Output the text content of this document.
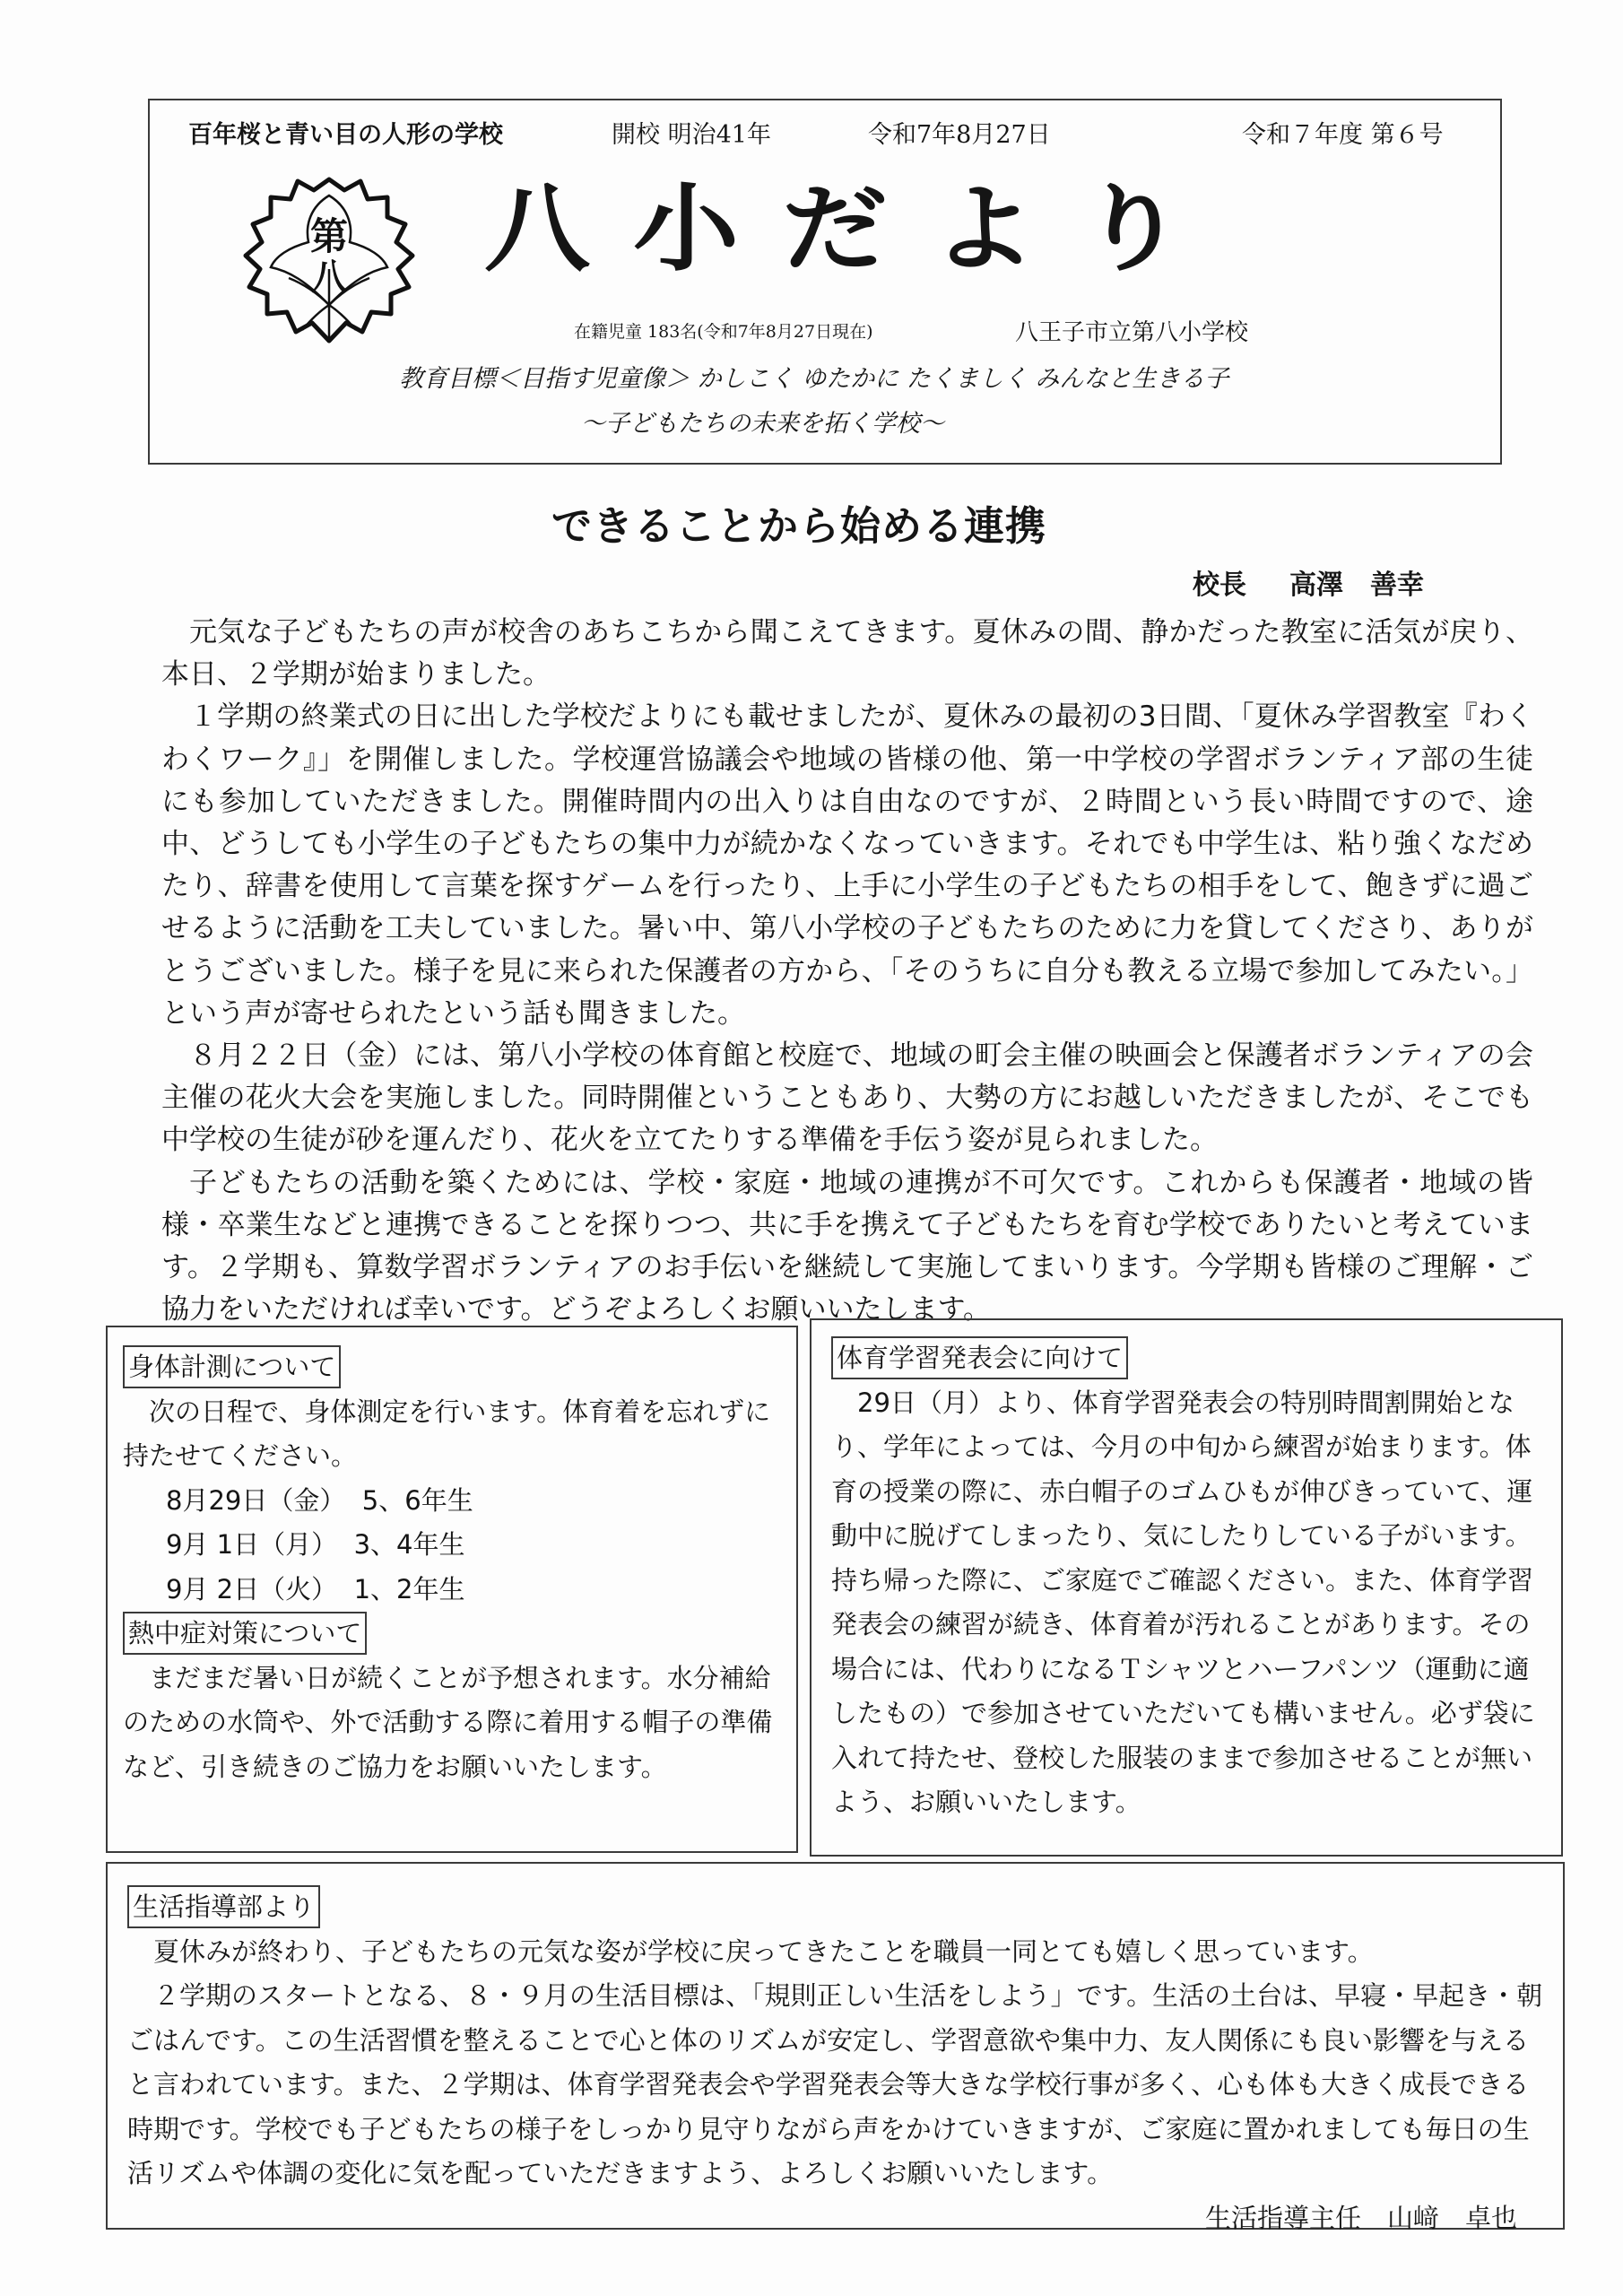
百年桜と青い目の人形の学校	開校 明治41年	令和7年8月27日	令和７年度 第６号
第
八 八小だより
在籍児童 183名(令和7年8月27日現在)	八王子市立第八小学校
教育目標＜目指す児童像＞ かしこく ゆたかに たくましく みんなと生きる子
～子どもたちの未来を拓く学校～
できることから始める連携
校長 高澤　善幸

元気な子どもたちの声が校舎のあちこちから聞こえてきます。夏休みの間、静かだった教室に活気が戻り、本日、２学期が始まりました。

１学期の終業式の日に出した学校だよりにも載せましたが、夏休みの最初の3日間、「夏休み学習教室『わくわくワーク』」を開催しました。学校運営協議会や地域の皆様の他、第一中学校の学習ボランティア部の生徒にも参加していただきました。開催時間内の出入りは自由なのですが、２時間という長い時間ですので、途中、どうしても小学生の子どもたちの集中力が続かなくなっていきます。それでも中学生は、粘り強くなだめたり、辞書を使用して言葉を探すゲームを行ったり、上手に小学生の子どもたちの相手をして、飽きずに過ごせるように活動を工夫していました。暑い中、第八小学校の子どもたちのために力を貸してくださり、ありがとうございました。様子を見に来られた保護者の方から、「そのうちに自分も教える立場で参加してみたい。」という声が寄せられたという話も聞きました。

８月２２日（金）には、第八小学校の体育館と校庭で、地域の町会主催の映画会と保護者ボランティアの会主催の花火大会を実施しました。同時開催ということもあり、大勢の方にお越しいただきましたが、そこでも中学校の生徒が砂を運んだり、花火を立てたりする準備を手伝う姿が見られました。

子どもたちの活動を築くためには、学校・家庭・地域の連携が不可欠です。これからも保護者・地域の皆様・卒業生などと連携できることを探りつつ、共に手を携えて子どもたちを育む学校でありたいと考えています。２学期も、算数学習ボランティアのお手伝いを継続して実施してまいります。今学期も皆様のご理解・ご協力をいただければ幸いです。どうぞよろしくお願いいたします。

身体計測について

次の日程で、身体測定を行います。体育着を忘れずに持たせてください。

8月29日（金） 5、6年生

9月 1日（月） 3、4年生

9月 2日（火） 1、2年生

熱中症対策について

まだまだ暑い日が続くことが予想されます。水分補給のための水筒や、外で活動する際に着用する帽子の準備など、引き続きのご協力をお願いいたします。

体育学習発表会に向けて

29日（月）より、体育学習発表会の特別時間割開始となり、学年によっては、今月の中旬から練習が始まります。体育の授業の際に、赤白帽子のゴムひもが伸びきっていて、運動中に脱げてしまったり、気にしたりしている子がいます。持ち帰った際に、ご家庭でご確認ください。また、体育学習発表会の練習が続き、体育着が汚れることがあります。その場合には、代わりになるＴシャツとハーフパンツ（運動に適したもの）で参加させていただいても構いません。必ず袋に入れて持たせ、登校した服装のままで参加させることが無いよう、お願いいたします。

生活指導部より

夏休みが終わり、子どもたちの元気な姿が学校に戻ってきたことを職員一同とても嬉しく思っています。

２学期のスタートとなる、８・９月の生活目標は、「規則正しい生活をしよう」です。生活の土台は、早寝・早起き・朝ごはんです。この生活習慣を整えることで心と体のリズムが安定し、学習意欲や集中力、友人関係にも良い影響を与えると言われています。また、２学期は、体育学習発表会や学習発表会等大きな学校行事が多く、心も体も大きく成長できる時期です。学校でも子どもたちの様子をしっかり見守りながら声をかけていきますが、ご家庭に置かれましても毎日の生活リズムや体調の変化に気を配っていただきますよう、よろしくお願いいたします。

生活指導主任　山﨑　卓也
